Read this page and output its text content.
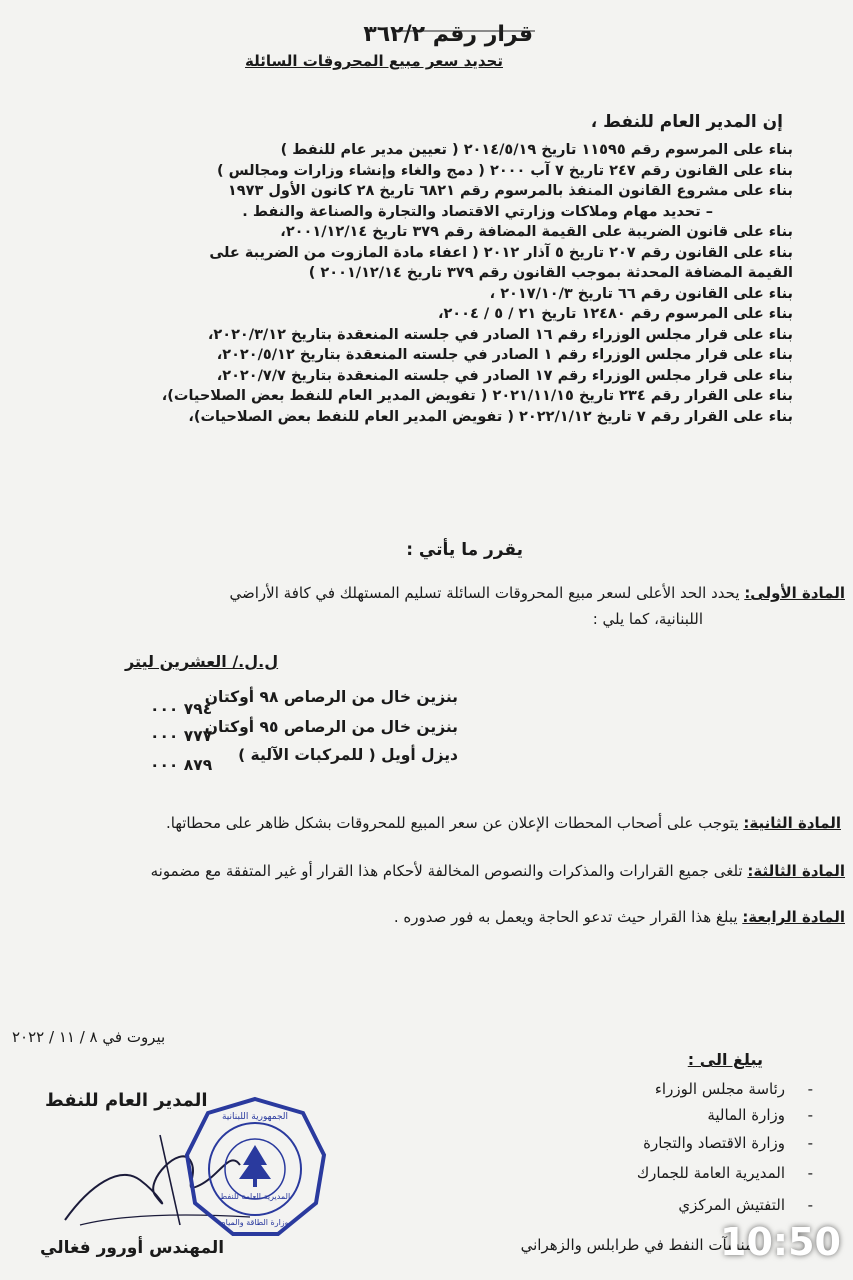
قرار رقم ٣٦٢/٢
تحديد سعر مبيع المحروقات السائلة
إن المدير العام للنفط ،
بناء على المرسوم رقم ١١٥٩٥ تاريخ ٢٠١٤/٥/١٩ ( تعيين مدير عام للنفط )
بناء على القانون رقم ٢٤٧ تاريخ ٧ آب ٢٠٠٠ ( دمج والغاء وإنشاء وزارات ومجالس )
بناء على مشروع القانون المنفذ بالمرسوم رقم ٦٨٢١ تاريخ ٢٨ كانون الأول ١٩٧٣
– تحديد مهام وملاكات وزارتي الاقتصاد والتجارة والصناعة والنفط .
بناء على قانون الضريبة على القيمة المضافة رقم ٣٧٩ تاريخ ٢٠٠١/١٢/١٤،
بناء على القانون رقم ٢٠٧ تاريخ ٥ آذار ٢٠١٢ ( اعفاء مادة المازوت من الضريبة على
القيمة المضافة المحدثة بموجب القانون رقم ٣٧٩ تاريخ ٢٠٠١/١٢/١٤ )
بناء على القانون رقم ٦٦ تاريخ ٢٠١٧/١٠/٣ ،
بناء على المرسوم رقم ١٢٤٨٠ تاريخ ٢١ / ٥ / ٢٠٠٤،
بناء على قرار مجلس الوزراء رقم ١٦ الصادر في جلسته المنعقدة بتاريخ ٢٠٢٠/٣/١٢،
بناء على قرار مجلس الوزراء رقم ١ الصادر في جلسته المنعقدة بتاريخ ٢٠٢٠/٥/١٢،
بناء على قرار مجلس الوزراء رقم ١٧ الصادر في جلسته المنعقدة بتاريخ ٢٠٢٠/٧/٧،
بناء على القرار رقم ٢٣٤ تاريخ ٢٠٢١/١١/١٥ ( تفويض المدير العام للنفط بعض الصلاحيات)،
بناء على القرار رقم ٧ تاريخ ٢٠٢٢/١/١٢ ( تفويض المدير العام للنفط بعض الصلاحيات)،
يقرر ما يأتي :
المادة الأولى: يحدد الحد الأعلى لسعر مبيع المحروقات السائلة تسليم المستهلك في كافة الأراضي
اللبنانية، كما يلي :
ل.ل./ العشرين ليتر
بنزين خال من الرصاص ٩٨ أوكتان
٧٩٤ ٠٠٠
بنزين خال من الرصاص ٩٥ أوكتان
٧٧٧ ٠٠٠
ديزل أويل ( للمركبات الآلية )
٨٧٩ ٠٠٠
المادة الثانية: يتوجب على أصحاب المحطات الإعلان عن سعر المبيع للمحروقات بشكل ظاهر على محطاتها.
المادة الثالثة: تلغى جميع القرارات والمذكرات والنصوص المخالفة لأحكام هذا القرار أو غير المتفقة مع مضمونه
المادة الرابعة: يبلغ هذا القرار حيث تدعو الحاجة ويعمل به فور صدوره .
بيروت في ٨ / ١١ / ٢٠٢٢
يبلغ الى :
رئاسة مجلس الوزراء
وزارة المالية
وزارة الاقتصاد والتجارة
المديرية العامة للجمارك
التفتيش المركزي
منشآت النفط في طرابلس والزهراني
-
-
-
-
-
المدير العام للنفط
الجمهورية اللبنانية
المديرية العامة للنفط
وزارة الطاقة والمياه
المهندس أورور فغالي	10:50
